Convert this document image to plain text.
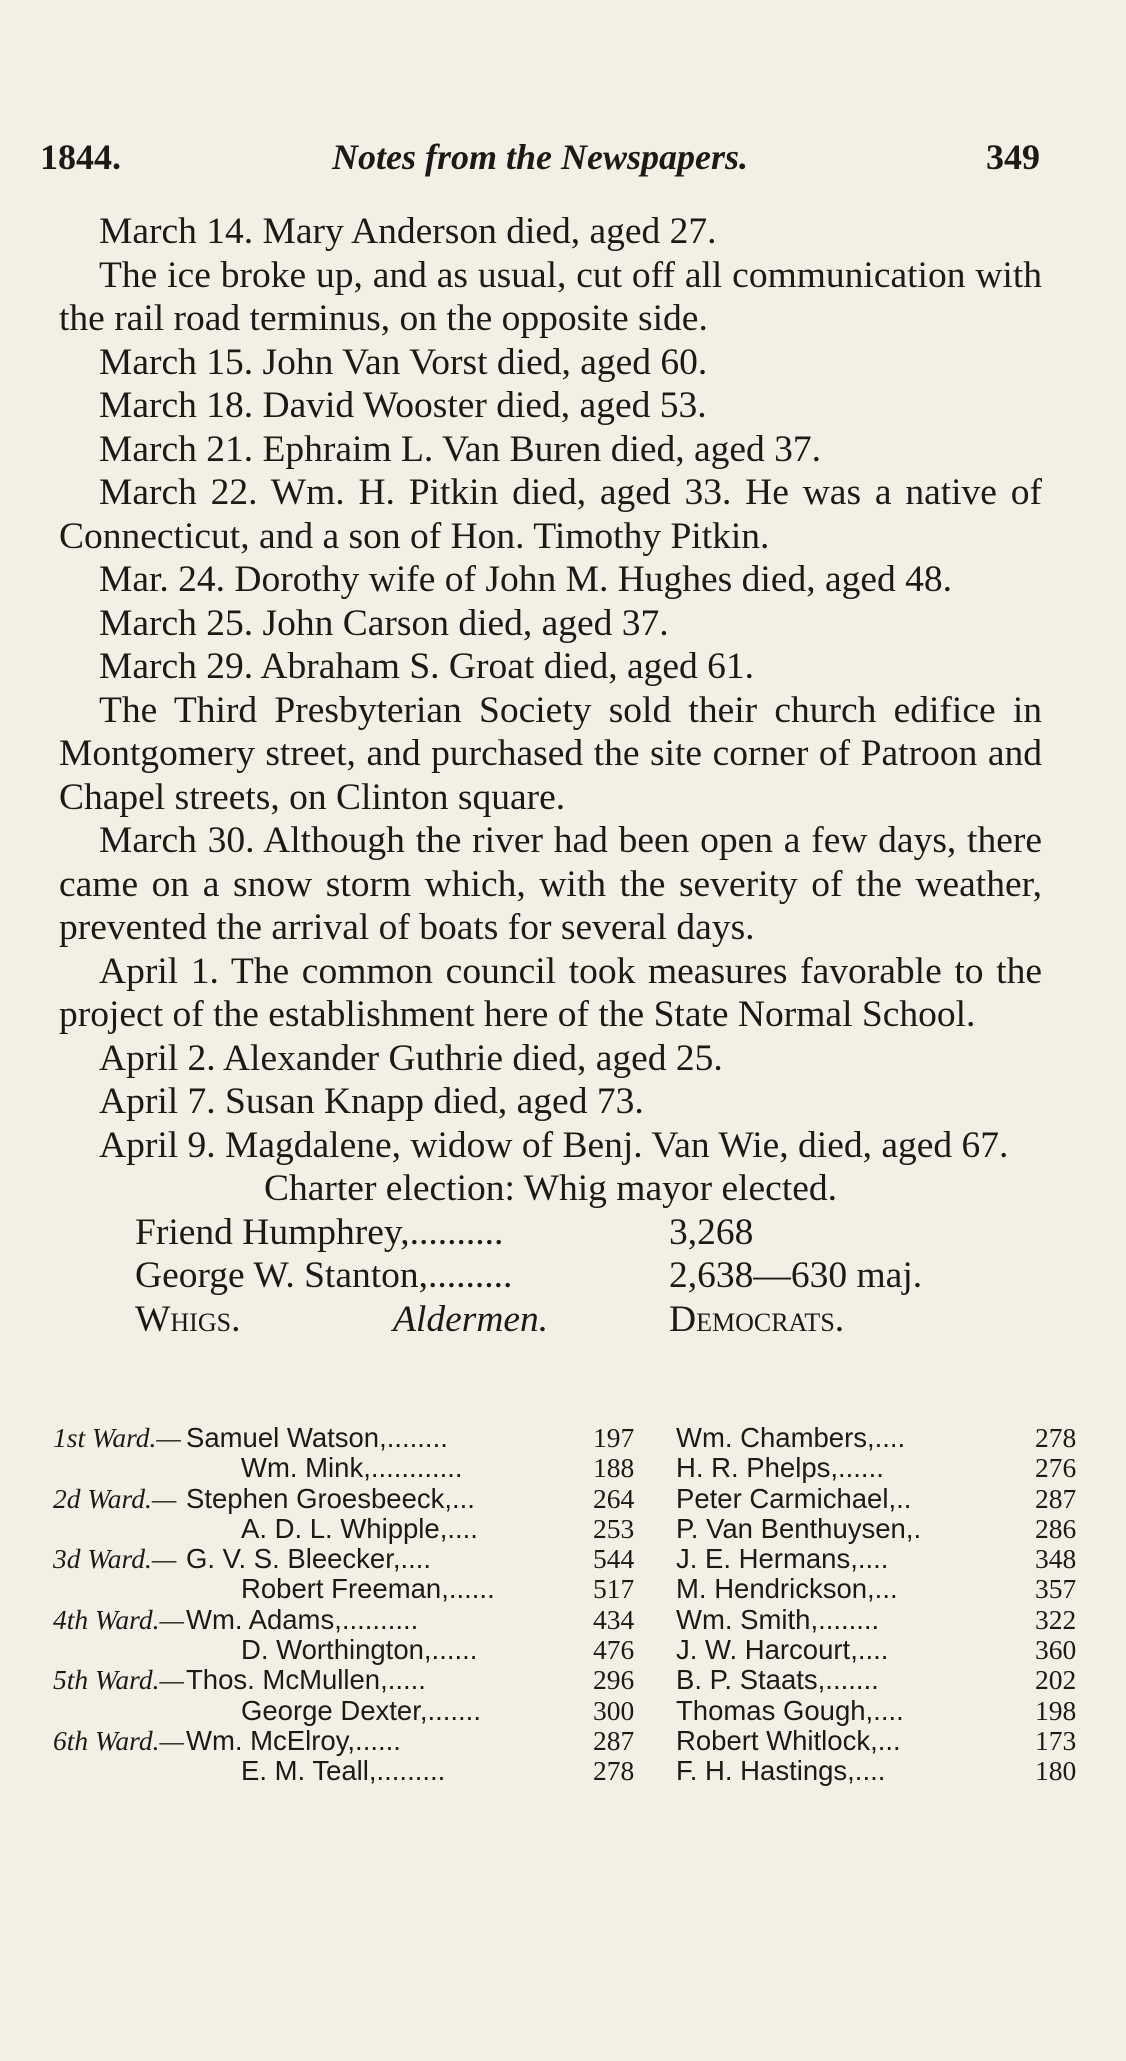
1844.	Notes from the Newspapers.	349

March 14. Mary Anderson died, aged 27.

The ice broke up, and as usual, cut off all communication with the rail road terminus, on the opposite side.

March 15. John Van Vorst died, aged 60.

March 18. David Wooster died, aged 53.

March 21. Ephraim L. Van Buren died, aged 37.

March 22. Wm. H. Pitkin died, aged 33. He was a native of Connecticut, and a son of Hon. Timothy Pitkin.

Mar. 24. Dorothy wife of John M. Hughes died, aged 48.

March 25. John Carson died, aged 37.

March 29. Abraham S. Groat died, aged 61.

The Third Presbyterian Society sold their church edifice in Montgomery street, and purchased the site corner of Patroon and Chapel streets, on Clinton square.

March 30. Although the river had been open a few days, there came on a snow storm which, with the severity of the weather, prevented the arrival of boats for several days.

April 1. The common council took measures favorable to the project of the establishment here of the State Normal School.

April 2. Alexander Guthrie died, aged 25.

April 7. Susan Knapp died, aged 73.

April 9. Magdalene, widow of Benj. Van Wie, died, aged 67.

Charter election: Whig mayor elected.

Friend Humphrey,..........	3,268
George W. Stanton,.........	2,638—630 maj.
Whigs.	Aldermen.	Democrats.
1st Ward.— Samuel Watson,........	197 Wm. Chambers,....	278
Wm. Mink,............	188 H. R. Phelps,......	276
2d Ward.— Stephen Groesbeeck,...	264 Peter Carmichael,..	287
A. D. L. Whipple,....	253 P. Van Benthuysen,.	286
3d Ward.— G. V. S. Bleecker,....	544 J. E. Hermans,....	348
Robert Freeman,......	517 M. Hendrickson,...	357
4th Ward.— Wm. Adams,..........	434 Wm. Smith,........	322
D. Worthington,......	476 J. W. Harcourt,....	360
5th Ward.— Thos. McMullen,.....	296 B. P. Staats,.......	202
George Dexter,.......	300 Thomas Gough,....	198
6th Ward.— Wm. McElroy,......	287 Robert Whitlock,...	173
E. M. Teall,.........	278 F. H. Hastings,....	180
